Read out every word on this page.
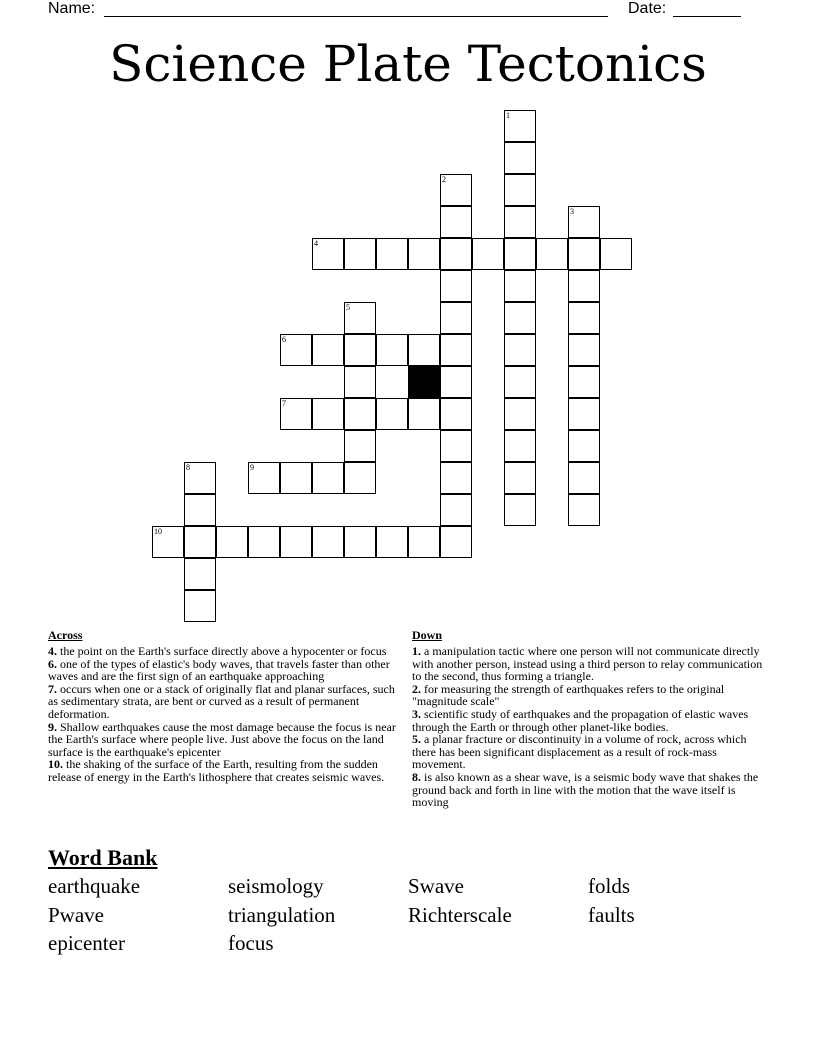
Name:	Date:
Science Plate Tectonics
1
2
3
4
5
6
7
8	9
10
Across

4. the point on the Earth's surface directly above a hypocenter or focus

6. one of the types of elastic's body waves, that travels faster than other waves and are the first sign of an earthquake approaching

7. occurs when one or a stack of originally flat and planar surfaces, such as sedimentary strata, are bent or curved as a result of permanent deformation.

9. Shallow earthquakes cause the most damage because the focus is near the Earth's surface where people live. Just above the focus on the land surface is the earthquake's epicenter

10. the shaking of the surface of the Earth, resulting from the sudden release of energy in the Earth's lithosphere that creates seismic waves.

Down

1. a manipulation tactic where one person will not communicate directly with another person, instead using a third person to relay communication to the second, thus forming a triangle.

2. for measuring the strength of earthquakes refers to the original "magnitude scale"

3. scientific study of earthquakes and the propagation of elastic waves through the Earth or through other planet-like bodies.

5. a planar fracture or discontinuity in a volume of rock, across which there has been significant displacement as a result of rock-mass movement.

8. is also known as a shear wave, is a seismic body wave that shakes the ground back and forth in line with the motion that the wave itself is moving

Word Bank
earthquake	seismology	Swave	folds
Pwave	triangulation	Richterscale	faults
epicenter	focus
